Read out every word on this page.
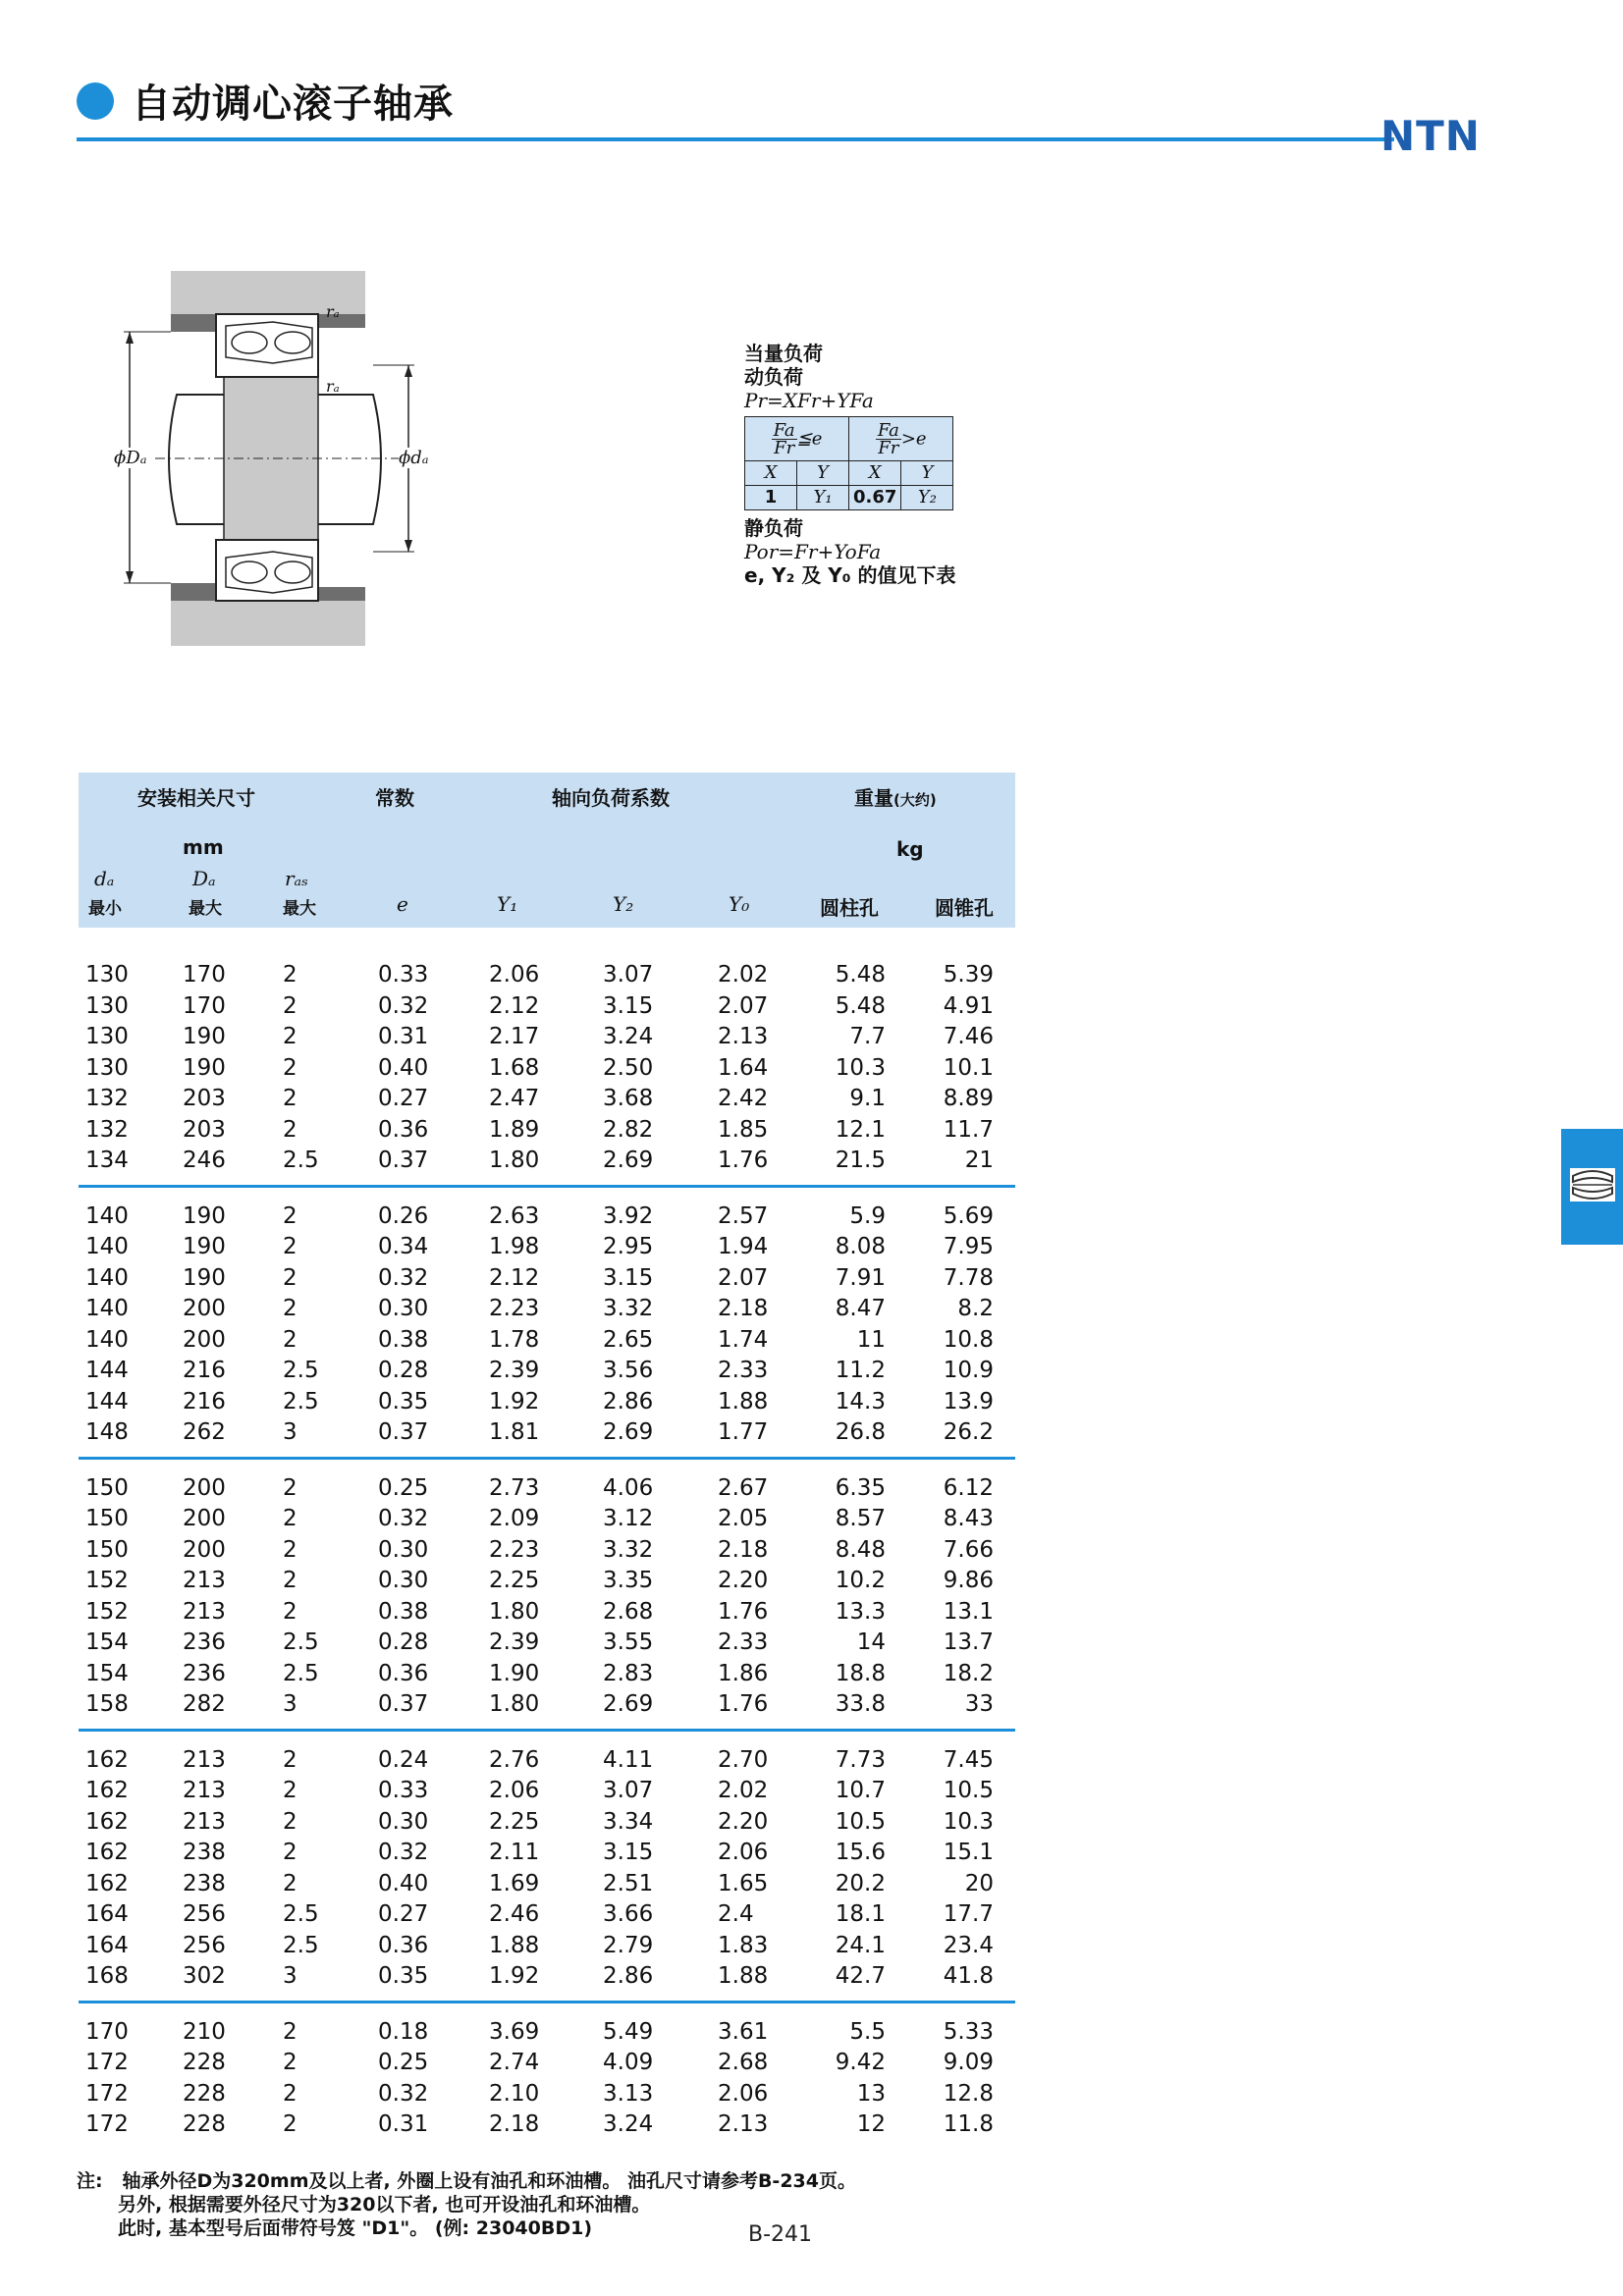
自动调心滚子轴承
NTN
rₐ
rₐ
ϕDₐ	ϕdₐ
当量负荷
动负荷
Pr=XFr+YFa
$\frac{Fa}{Fr}$ ≦e		$\frac{Fa}{Fr} >e$	
X	Y	X	Y
1	Y₁	0.67	Y₂
静负荷
Por=Fr+YoFa
e, Y₂ 及 Y₀ 的值见下表
安装相关尺寸	常数	轴向负荷系数	重量(大约)
mm	kg
dₐ	Dₐ	rₐₛ
最小	最大	最大	e	Y₁	Y₂	Y₀	圆柱孔	圆锥孔
130 170	2	0.33	2.06	3.07	2.02	5.48	5.39
130 170	2	0.32	2.12	3.15	2.07	5.48	4.91
130 190	2	0.31	2.17	3.24	2.13	7.7	7.46
130 190	2	0.40	1.68	2.50	1.64	10.3	10.1
132 203	2	0.27	2.47	3.68	2.42	9.1	8.89
132 203	2	0.36	1.89	2.82	1.85	12.1	11.7
134 246	2.5	0.37	1.80	2.69	1.76	21.5	21
140 190	2	0.26	2.63	3.92	2.57	5.9	5.69
140 190	2	0.34	1.98	2.95	1.94	8.08	7.95
140 190	2	0.32	2.12	3.15	2.07	7.91	7.78
140 200	2	0.30	2.23	3.32	2.18	8.47	8.2
140 200	2	0.38	1.78	2.65	1.74	11	10.8
144 216	2.5	0.28	2.39	3.56	2.33	11.2	10.9
144 216	2.5	0.35	1.92	2.86	1.88	14.3	13.9
148 262	3	0.37	1.81	2.69	1.77	26.8	26.2
150 200	2	0.25	2.73	4.06	2.67	6.35	6.12
150 200	2	0.32	2.09	3.12	2.05	8.57	8.43
150 200	2	0.30	2.23	3.32	2.18	8.48	7.66
152 213	2	0.30	2.25	3.35	2.20	10.2	9.86
152 213	2	0.38	1.80	2.68	1.76	13.3	13.1
154 236	2.5	0.28	2.39	3.55	2.33	14	13.7
154 236	2.5	0.36	1.90	2.83	1.86	18.8	18.2
158 282	3	0.37	1.80	2.69	1.76	33.8	33
162 213	2	0.24	2.76	4.11	2.70	7.73	7.45
162 213	2	0.33	2.06	3.07	2.02	10.7	10.5
162 213	2	0.30	2.25	3.34	2.20	10.5	10.3
162 238	2	0.32	2.11	3.15	2.06	15.6	15.1
162 238	2	0.40	1.69	2.51	1.65	20.2	20
164 256	2.5	0.27	2.46	3.66	2.4	18.1	17.7
164 256	2.5	0.36	1.88	2.79	1.83	24.1	23.4
168 302	3	0.35	1.92	2.86	1.88	42.7	41.8
170 210	2	0.18	3.69	5.49	3.61	5.5	5.33
172 228	2	0.25	2.74	4.09	2.68	9.42	9.09
172 228	2	0.32	2.10	3.13	2.06	13	12.8
172 228	2	0.31	2.18	3.24	2.13	12	11.8
注: 轴承外径D为320mm及以上者, 外圈上设有油孔和环油槽。 油孔尺寸请参考B-234页。
另外, 根据需要外径尺寸为320以下者, 也可开设油孔和环油槽。
此时, 基本型号后面带符号笈 "D1"。 (例: 23040BD1)	B-241
